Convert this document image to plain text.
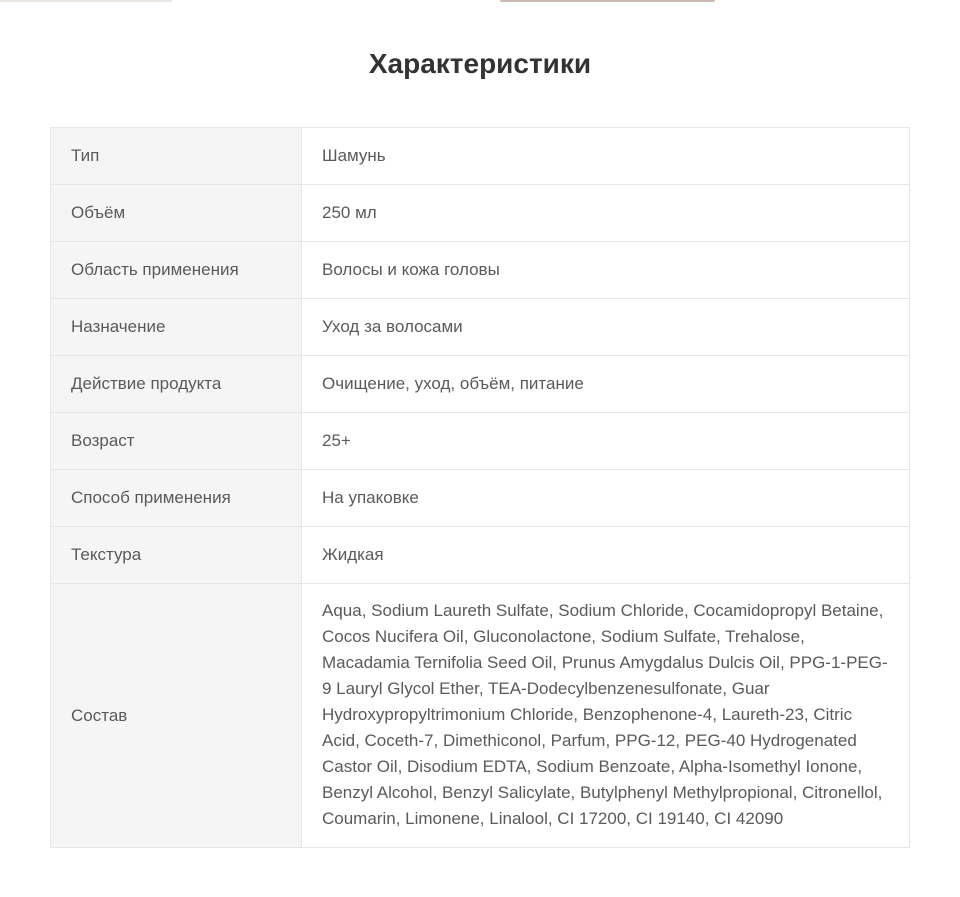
Характеристики
Тип	Шамунь
Объём	250 мл
Область применения	Волосы и кожа головы
Назначение	Уход за волосами
Действие продукта	Очищение, уход, объём, питание
Возраст	25+
Способ применения	На упаковке
Текстура	Жидкая
Состав	Aqua, Sodium Laureth Sulfate, Sodium Chloride, Cocamidopropyl Betaine, Cocos Nucifera Oil, Gluconolactone, Sodium Sulfate, Trehalose, Macadamia Ternifolia Seed Oil, Prunus Amygdalus Dulcis Oil, PPG-1-PEG-9 Lauryl Glycol Ether, TEA-Dodecylbenzenesulfonate, Guar Hydroxypropyltrimonium Chloride, Benzophenone-4, Laureth-23, Citric Acid, Coceth-7, Dimethiconol, Parfum, PPG-12, PEG-40 Hydrogenated Castor Oil, Disodium EDTA, Sodium Benzoate, Alpha-Isomethyl Ionone, Benzyl Alcohol, Benzyl Salicylate, Butylphenyl Methylpropional, Citronellol, Coumarin, Limonene, Linalool, CI 17200, CI 19140, CI 42090
